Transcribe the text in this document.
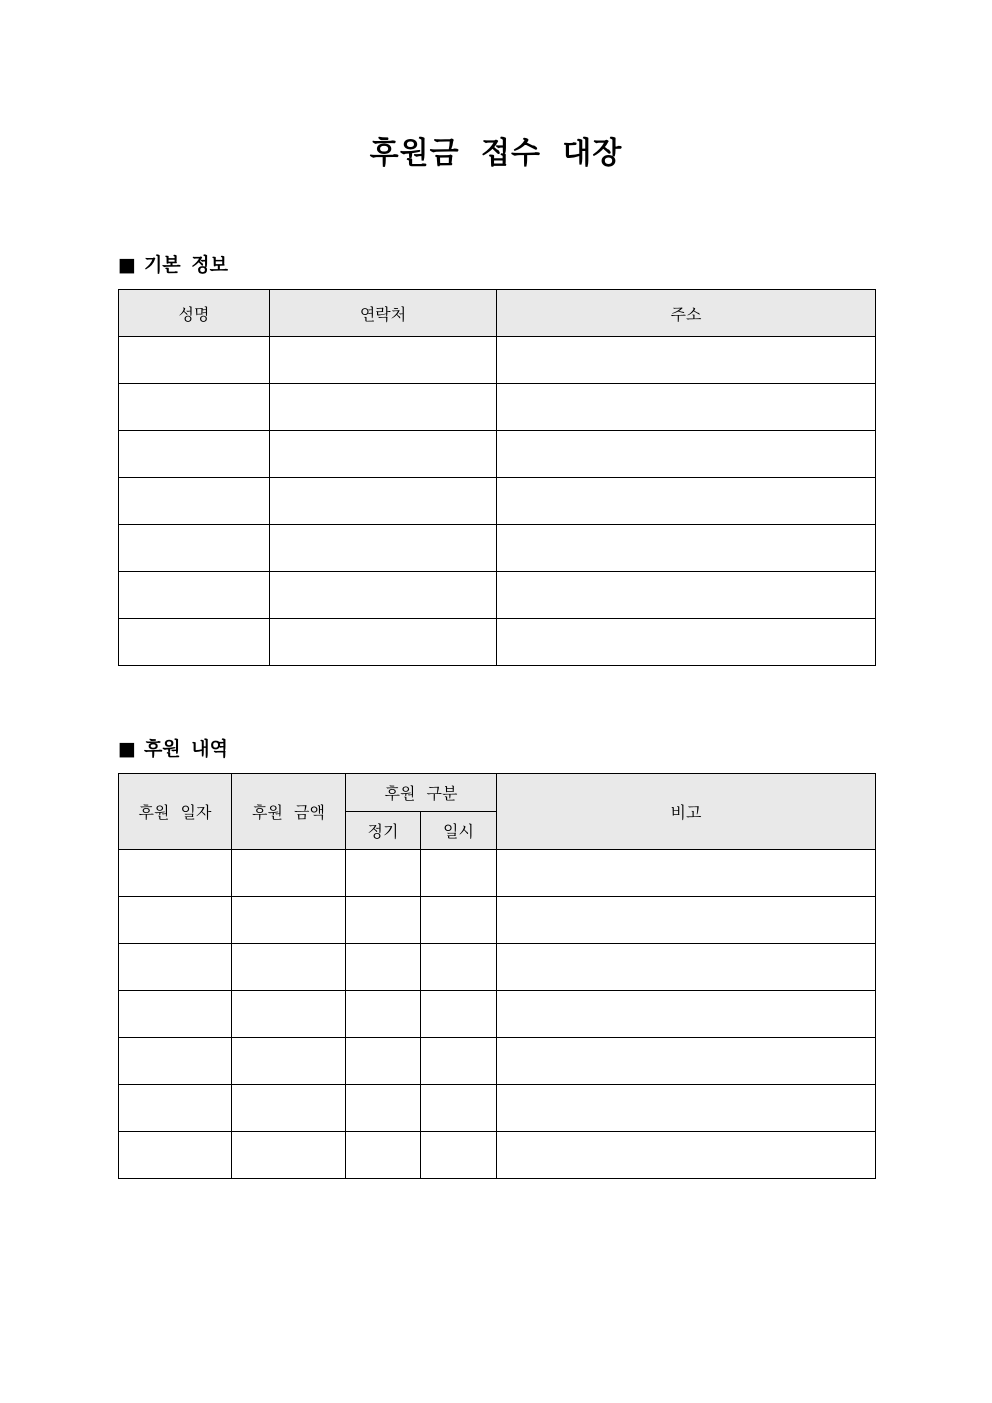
후원금 접수 대장
■ 기본 정보
성명	연락처	주소

■ 후원 내역
후원 일자	후원 금액	후원 구분		비고
		정기	일시	
